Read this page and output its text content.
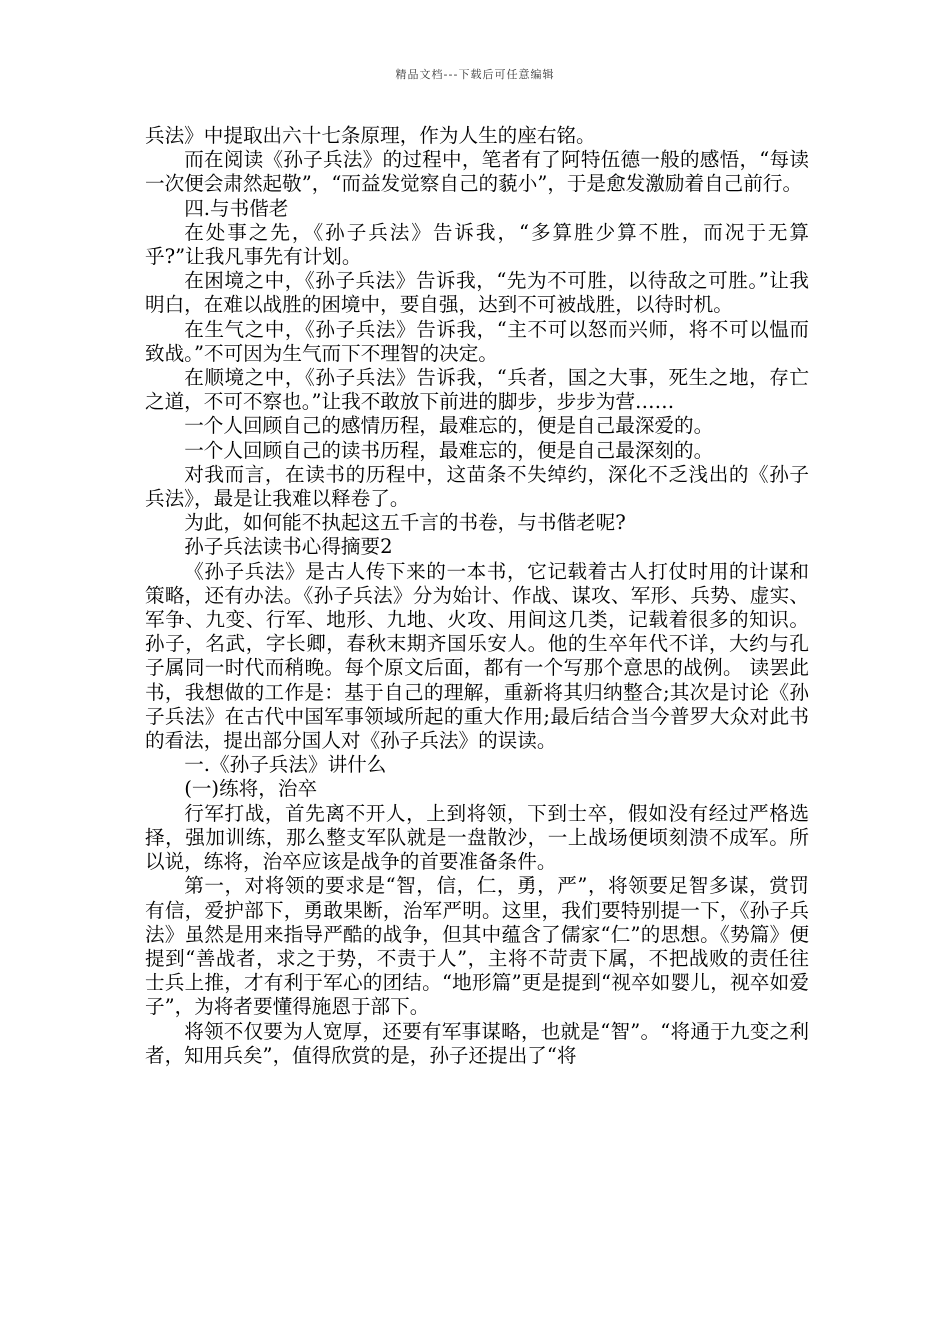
精品文档---下载后可任意编辑

兵法》中提取出六十七条原理，作为人生的座右铭。

而在阅读《孙子兵法》的过程中，笔者有了阿特伍德一般的感悟，“每读一次便会肃然起敬”，“而益发觉察自己的藐小”，于是愈发激励着自己前行。

四.与书偕老

在处事之先，《孙子兵法》告诉我，“多算胜少算不胜，而况于无算乎?”让我凡事先有计划。

在困境之中，《孙子兵法》告诉我，“先为不可胜，以待敌之可胜。”让我明白，在难以战胜的困境中，要自强，达到不可被战胜，以待时机。

在生气之中，《孙子兵法》告诉我，“主不可以怒而兴师，将不可以愠而致战。”不可因为生气而下不理智的决定。

在顺境之中，《孙子兵法》告诉我，“兵者，国之大事，死生之地，存亡之道，不可不察也。”让我不敢放下前进的脚步，步步为营……

一个人回顾自己的感情历程，最难忘的，便是自己最深爱的。

一个人回顾自己的读书历程，最难忘的，便是自己最深刻的。

对我而言，在读书的历程中，这苗条不失绰约，深化不乏浅出的《孙子兵法》，最是让我难以释卷了。

为此，如何能不执起这五千言的书卷，与书偕老呢?

孙子兵法读书心得摘要2

《孙子兵法》是古人传下来的一本书，它记载着古人打仗时用的计谋和策略，还有办法。《孙子兵法》分为始计、作战、谋攻、军形、兵势、虚实、军争、九变、行军、地形、九地、火攻、用间这几类，记载着很多的知识。孙子，名武，字长卿，春秋末期齐国乐安人。他的生卒年代不详，大约与孔子属同一时代而稍晚。每个原文后面，都有一个写那个意思的战例。 读罢此书，我想做的工作是：基于自己的理解，重新将其归纳整合;其次是讨论《孙子兵法》在古代中国军事领域所起的重大作用;最后结合当今普罗大众对此书的看法，提出部分国人对《孙子兵法》的误读。

一.《孙子兵法》讲什么

(一)练将，治卒

行军打战，首先离不开人，上到将领，下到士卒，假如没有经过严格选择，强加训练，那么整支军队就是一盘散沙，一上战场便顷刻溃不成军。所以说，练将，治卒应该是战争的首要准备条件。

第一，对将领的要求是“智，信，仁，勇，严”，将领要足智多谋，赏罚有信，爱护部下，勇敢果断，治军严明。这里，我们要特别提一下，《孙子兵法》虽然是用来指导严酷的战争，但其中蕴含了儒家“仁”的思想。《势篇》便提到“善战者，求之于势，不责于人”，主将不苛责下属，不把战败的责任往士兵上推，才有利于军心的团结。“地形篇”更是提到“视卒如婴儿，视卒如爱子”，为将者要懂得施恩于部下。

将领不仅要为人宽厚，还要有军事谋略，也就是“智”。“将通于九变之利者，知用兵矣”，值得欣赏的是，孙子还提出了“将
